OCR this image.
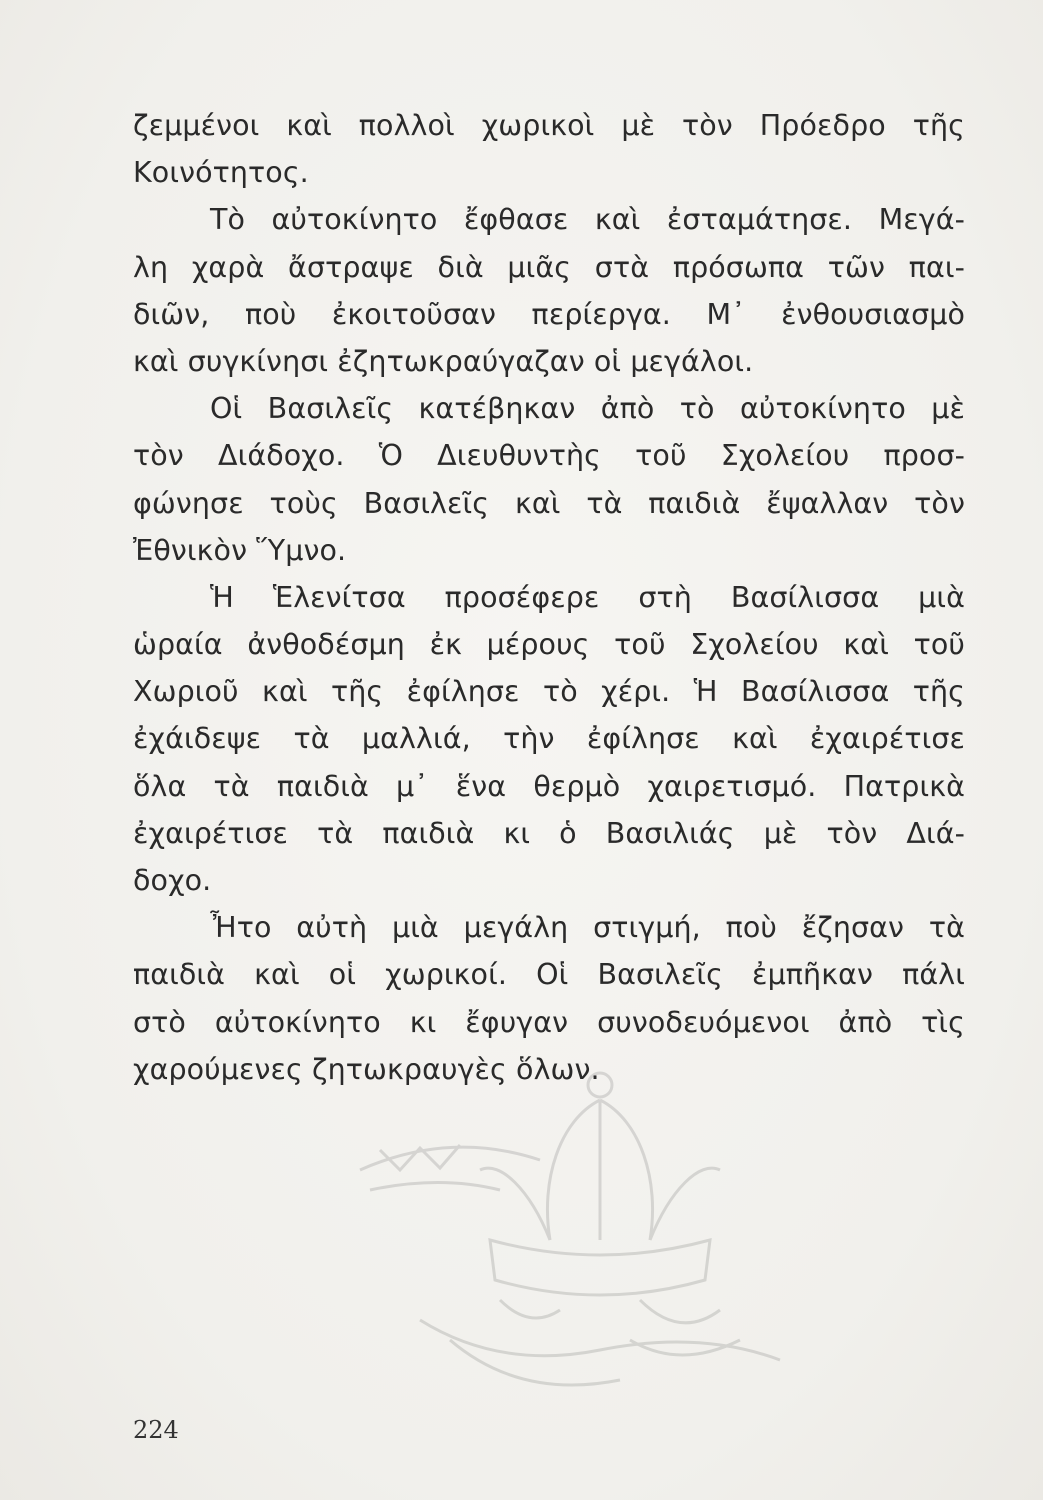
ζεμμένοι καὶ πολλοὶ χωρικοὶ μὲ τὸν Πρόεδρο τῆς
Κοινότητος.
Τὸ αὐτοκίνητο ἔφθασε καὶ ἐσταμάτησε. Μεγά-
λη χαρὰ ἄστραψε διὰ μιᾶς στὰ πρόσωπα τῶν παι-
διῶν, ποὺ ἐκοιτοῦσαν περίεργα. Μ᾽ ἐνθουσιασμὸ
καὶ συγκίνησι ἐζητωκραύγαζαν οἱ μεγάλοι.
Οἱ Βασιλεῖς κατέβηκαν ἀπὸ τὸ αὐτοκίνητο μὲ
τὸν Διάδοχο. Ὁ Διευθυντὴς τοῦ Σχολείου προσ-
φώνησε τοὺς Βασιλεῖς καὶ τὰ παιδιὰ ἔψαλλαν τὸν
Ἐθνικὸν Ὕμνο.
Ἡ Ἑλενίτσα προσέφερε στὴ Βασίλισσα μιὰ
ὡραία ἀνθοδέσμη ἐκ μέρους τοῦ Σχολείου καὶ τοῦ
Χωριοῦ καὶ τῆς ἐφίλησε τὸ χέρι. Ἡ Βασίλισσα τῆς
ἐχάιδεψε τὰ μαλλιά, τὴν ἐφίλησε καὶ ἐχαιρέτισε
ὅλα τὰ παιδιὰ μ᾽ ἕνα θερμὸ χαιρετισμό. Πατρικὰ
ἐχαιρέτισε τὰ παιδιὰ κι ὁ Βασιλιάς μὲ τὸν Διά-
δοχο.
Ἦτο αὐτὴ μιὰ μεγάλη στιγμή, ποὺ ἔζησαν τὰ
παιδιὰ καὶ οἱ χωρικοί. Οἱ Βασιλεῖς ἐμπῆκαν πάλι
στὸ αὐτοκίνητο κι ἔφυγαν συνοδευόμενοι ἀπὸ τὶς
χαρούμενες ζητωκραυγὲς ὅλων.
224
